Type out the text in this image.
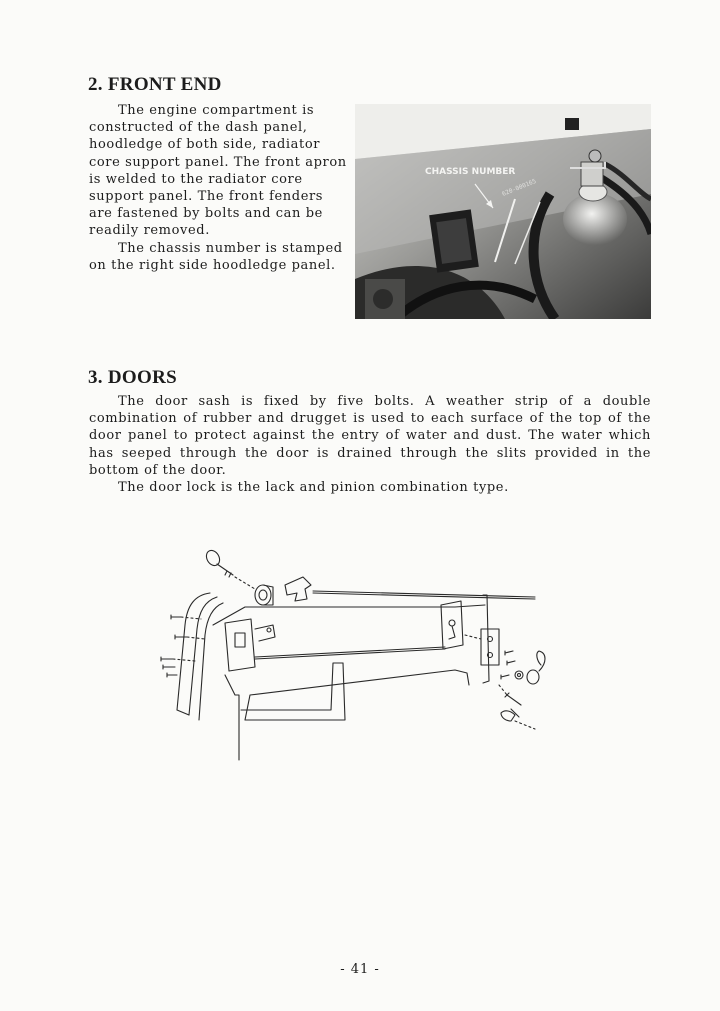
2. FRONT END

The engine compartment is constructed of the dash panel, hoodledge of both side, radiator core support panel. The front apron is welded to the radiator core support panel. The front fenders are fastened by bolts and can be readily removed.

The chassis number is stamped on the right side hoodledge panel.

CHASSIS NUMBER
620-000165
3. DOORS

The door sash is fixed by five bolts. A weather strip of a double combination of rubber and drugget is used to each surface of the top of the door panel to protect against the entry of water and dust. The water which has seeped through the door is drained through the slits provided in the bottom of the door.

The door lock is the lack and pinion combination type.

- 41 -
